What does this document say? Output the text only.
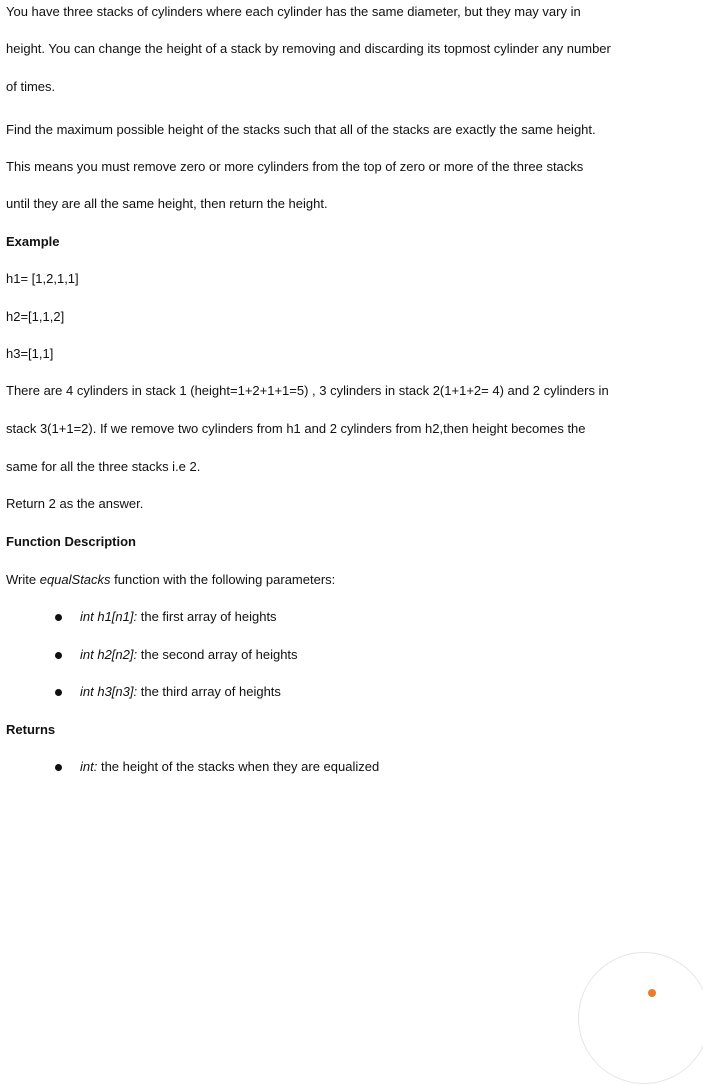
You have three stacks of cylinders where each cylinder has the same diameter, but they may vary in
height. You can change the height of a stack by removing and discarding its topmost cylinder any number
of times.
Find the maximum possible height of the stacks such that all of the stacks are exactly the same height.
This means you must remove zero or more cylinders from the top of zero or more of the three stacks
until they are all the same height, then return the height.
Example
h1= [1,2,1,1]
h2=[1,1,2]
h3=[1,1]
There are 4 cylinders in stack 1 (height=1+2+1+1=5) , 3 cylinders in stack 2(1+1+2= 4) and 2 cylinders in
stack 3(1+1=2). If we remove two cylinders from h1 and 2 cylinders from h2,then height becomes the
same for all the three stacks i.e 2.
Return 2 as the answer.
Function Description
Write equalStacks function with the following parameters:
int h1[n1]: the first array of heights
int h2[n2]: the second array of heights
int h3[n3]: the third array of heights
Returns
int: the height of the stacks when they are equalized
